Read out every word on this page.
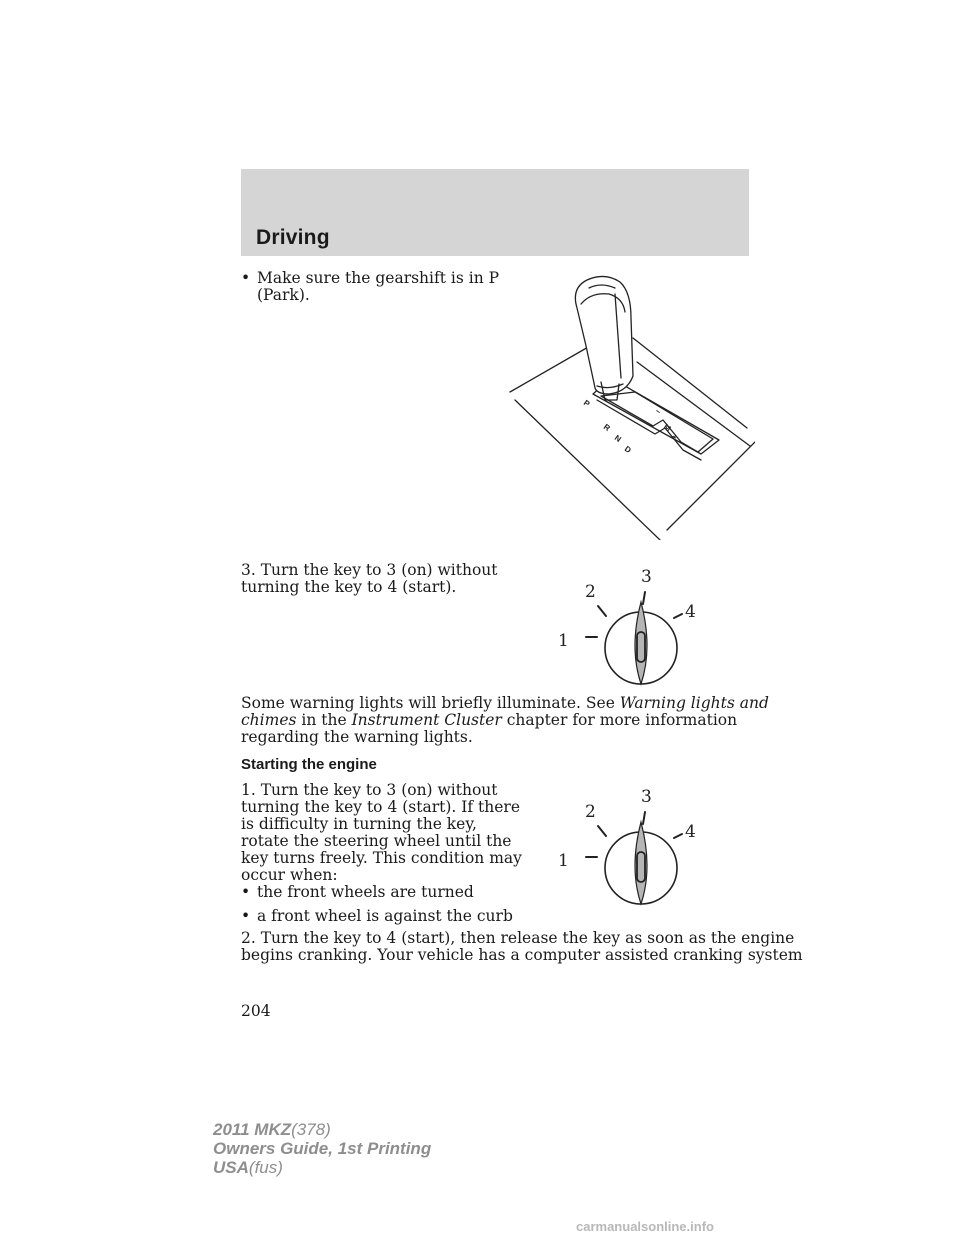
Driving
• Make sure the gearshift is in P

(Park).

P
R
N
D
–
M
+

3. Turn the key to 3 (on) without

turning the key to 4 (start).

1
2
3
4

Some warning lights will briefly illuminate. See Warning lights and

chimes in the Instrument Cluster chapter for more information

regarding the warning lights.

Starting the engine

1. Turn the key to 3 (on) without

turning the key to 4 (start). If there

is difficulty in turning the key,

rotate the steering wheel until the

key turns freely. This condition may

occur when:

• the front wheels are turned

• a front wheel is against the curb

1
2
3
4

2. Turn the key to 4 (start), then release the key as soon as the engine

begins cranking. Your vehicle has a computer assisted cranking system

204
2011 MKZ(378)
Owners Guide, 1st Printing
USA(fus)
carmanualsonline.info
